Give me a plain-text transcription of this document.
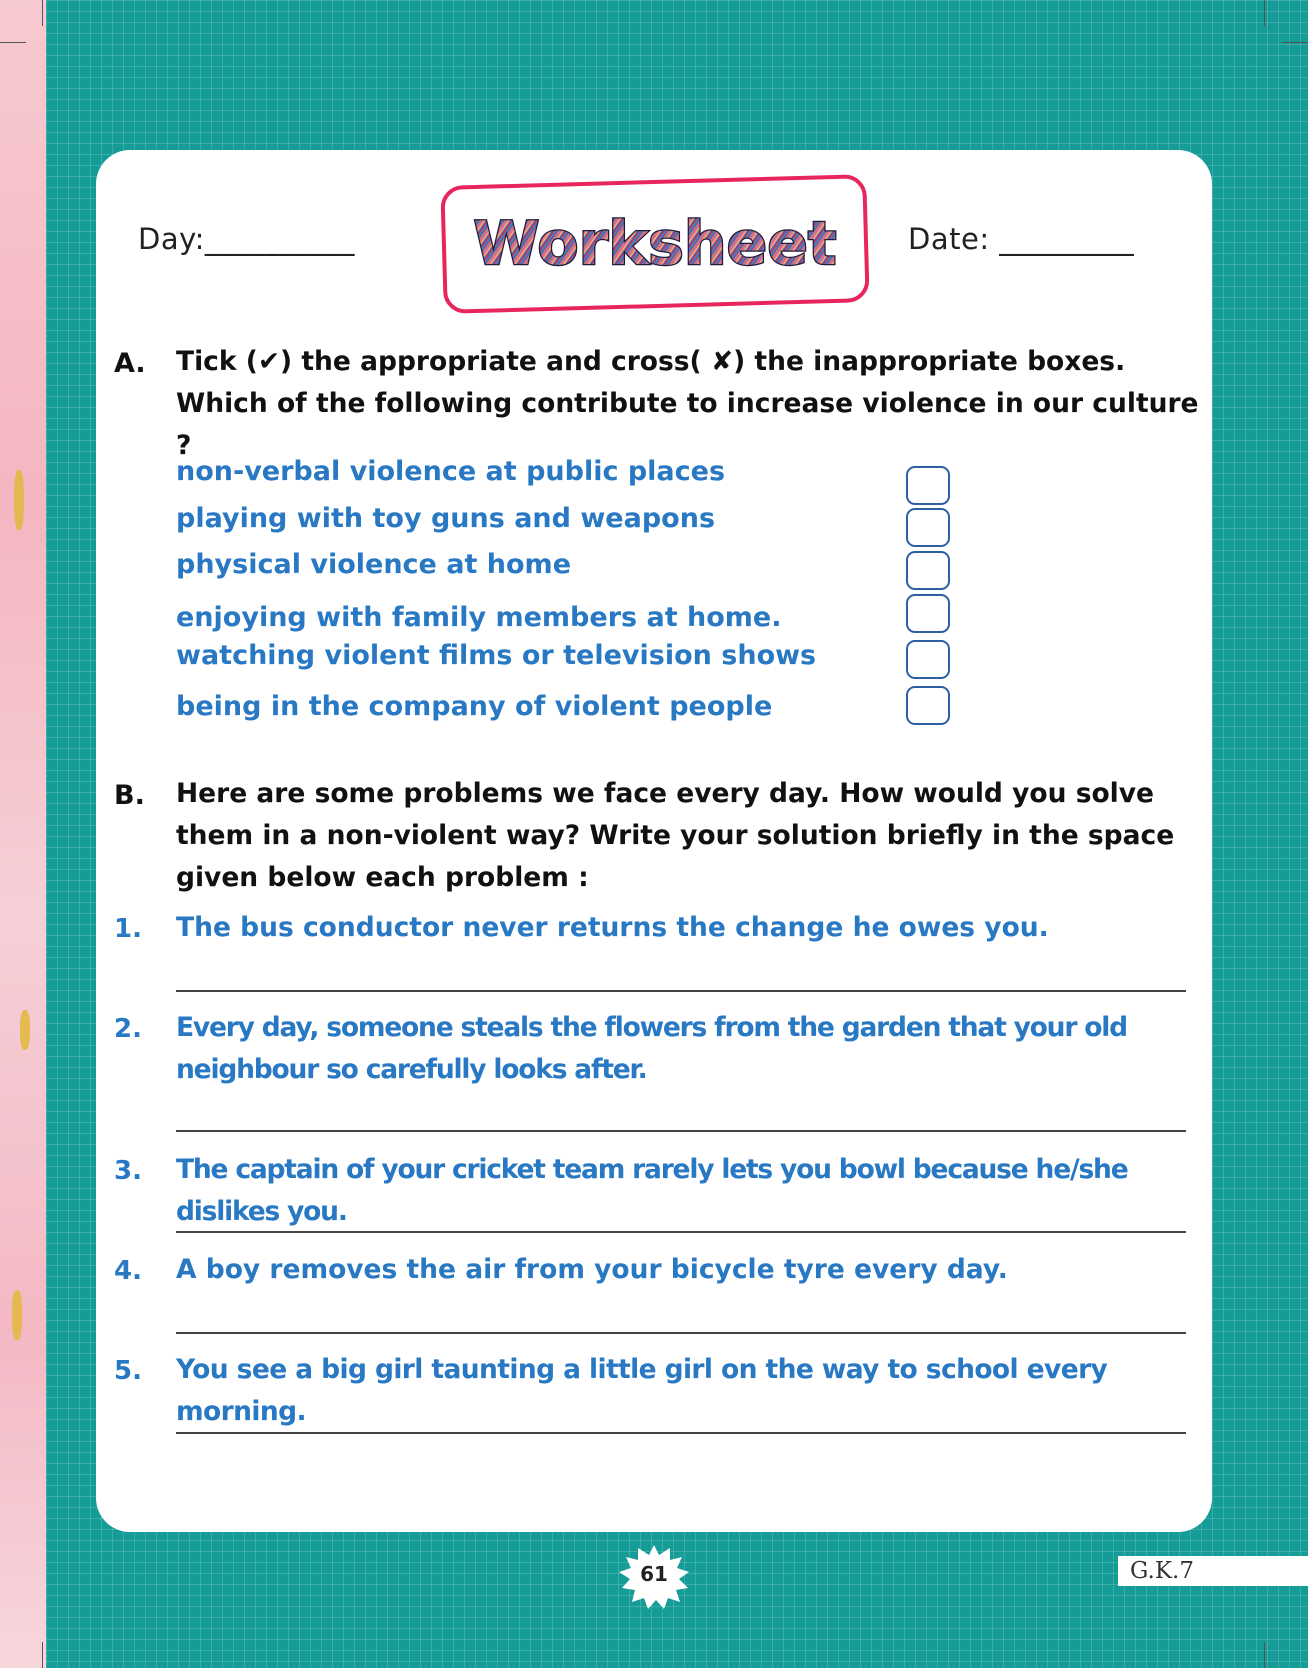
Day:__________	Date: _________
Worksheet
A. Tick (✔) the appropriate and cross( ✘) the inappropriate boxes. Which of the following contribute to increase violence in our culture ?
non-verbal violence at public places
playing with toy guns and weapons
physical violence at home
enjoying with family members at home.
watching violent films or television shows
being in the company of violent people
B. Here are some problems we face every day. How would you solve them in a non-violent way? Write your solution briefly in the space given below each problem :
1. The bus conductor never returns the change he owes you.
2. Every day, someone steals the flowers from the garden that your old neighbour so carefully looks after.
3. The captain of your cricket team rarely lets you bowl because he/she dislikes you.
4. A boy removes the air from your bicycle tyre every day.
5. You see a big girl taunting a little girl on the way to school every morning.
61	G.K.7
